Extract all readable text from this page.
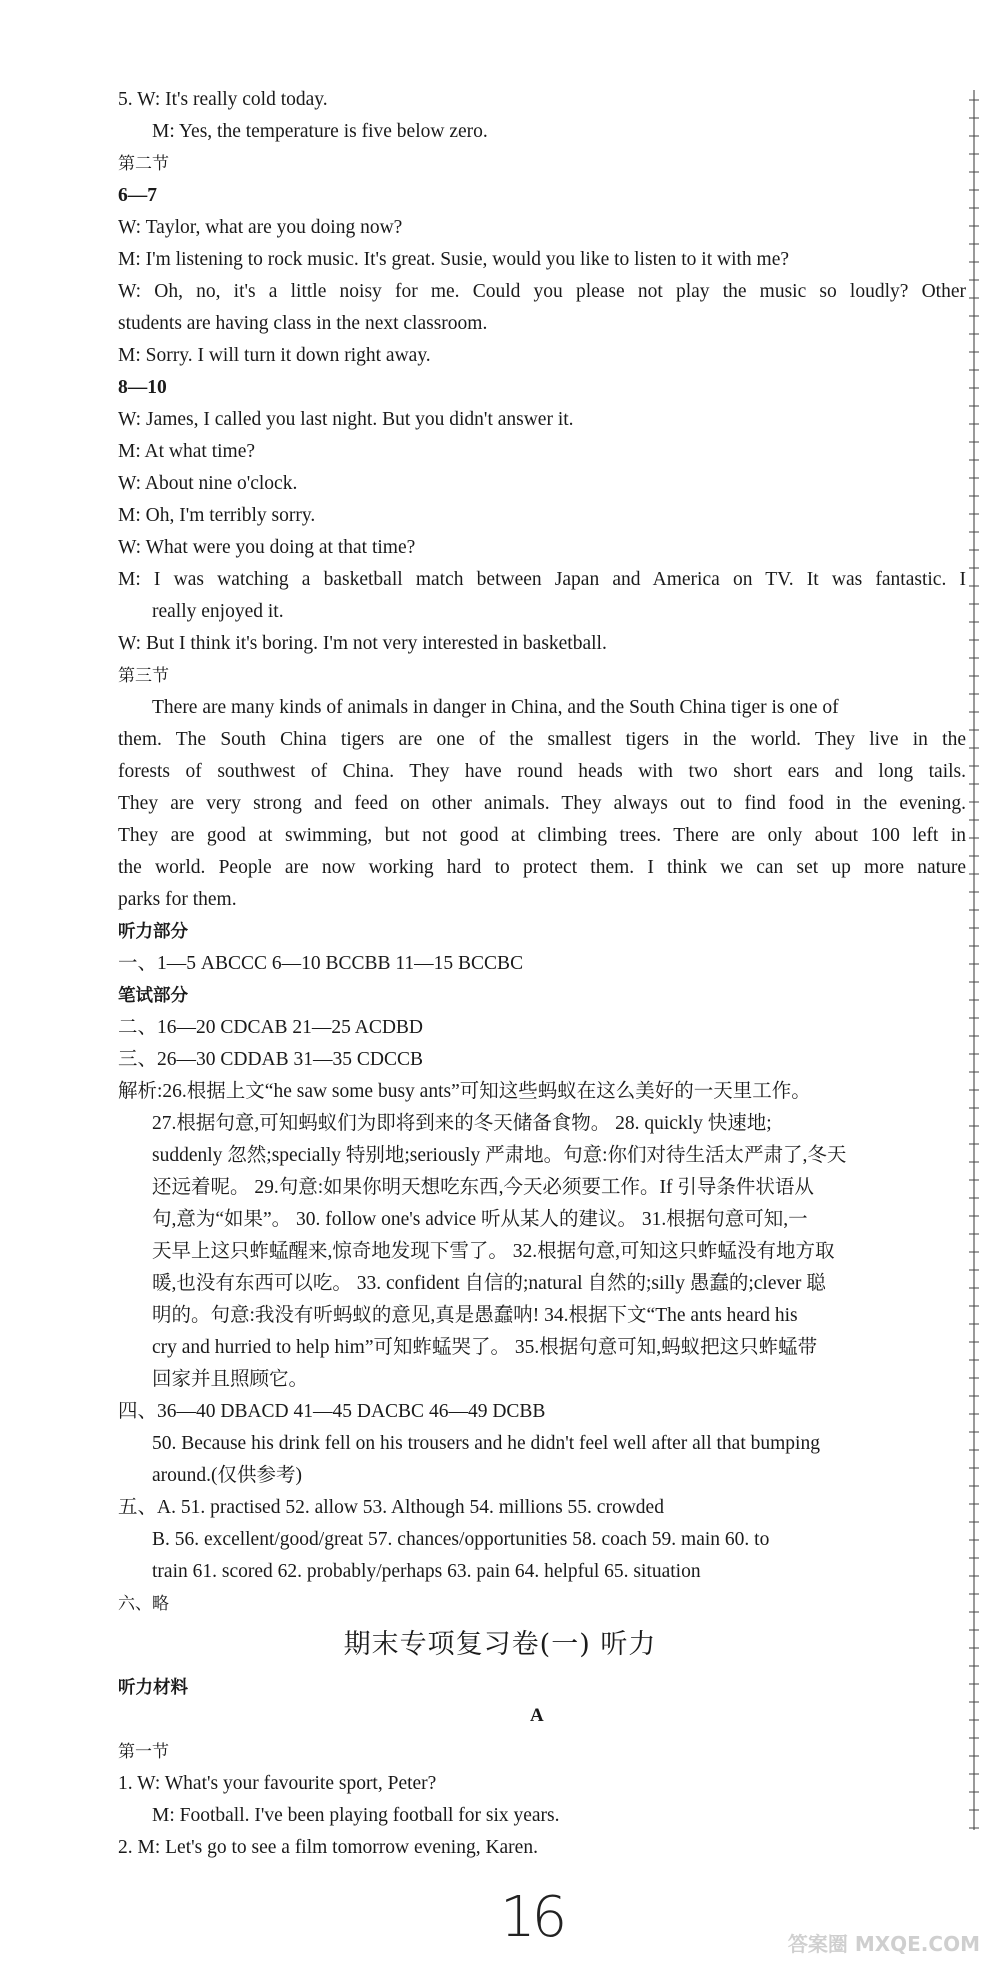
5. W: It's really cold today.
M: Yes, the temperature is five below zero.
第二节
6—7
W: Taylor, what are you doing now?
M: I'm listening to rock music. It's great. Susie, would you like to listen to it with me?
W: Oh, no, it's a little noisy for me. Could you please not play the music so loudly? Other
students are having class in the next classroom.
M: Sorry. I will turn it down right away.
8—10
W: James, I called you last night. But you didn't answer it.
M: At what time?
W: About nine o'clock.
M: Oh, I'm terribly sorry.
W: What were you doing at that time?
M: I was watching a basketball match between Japan and America on TV. It was fantastic. I
really enjoyed it.
W: But I think it's boring. I'm not very interested in basketball.
第三节
There are many kinds of animals in danger in China, and the South China tiger is one of
them. The South China tigers are one of the smallest tigers in the world. They live in the
forests of southwest of China. They have round heads with two short ears and long tails.
They are very strong and feed on other animals. They always out to find food in the evening.
They are good at swimming, but not good at climbing trees. There are only about 100 left in
the world. People are now working hard to protect them. I think we can set up more nature
parks for them.
听力部分
一、1—5 ABCCC 6—10 BCCBB 11—15 BCCBC
笔试部分
二、16—20 CDCAB 21—25 ACDBD
三、26—30 CDDAB 31—35 CDCCB
解析:26.根据上文“he saw some busy ants”可知这些蚂蚁在这么美好的一天里工作。
27.根据句意,可知蚂蚁们为即将到来的冬天储备食物。 28. quickly 快速地;
suddenly 忽然;specially 特别地;seriously 严肃地。句意:你们对待生活太严肃了,冬天
还远着呢。 29.句意:如果你明天想吃东西,今天必须要工作。If 引导条件状语从
句,意为“如果”。 30. follow one's advice 听从某人的建议。 31.根据句意可知,一
天早上这只蚱蜢醒来,惊奇地发现下雪了。 32.根据句意,可知这只蚱蜢没有地方取
暖,也没有东西可以吃。 33. confident 自信的;natural 自然的;silly 愚蠢的;clever 聪
明的。句意:我没有听蚂蚁的意见,真是愚蠢呐! 34.根据下文“The ants heard his
cry and hurried to help him”可知蚱蜢哭了。 35.根据句意可知,蚂蚁把这只蚱蜢带
回家并且照顾它。
四、36—40 DBACD 41—45 DACBC 46—49 DCBB
50. Because his drink fell on his trousers and he didn't feel well after all that bumping
around.(仅供参考)
五、A. 51. practised 52. allow 53. Although 54. millions 55. crowded
B. 56. excellent/good/great 57. chances/opportunities 58. coach 59. main 60. to
train 61. scored 62. probably/perhaps 63. pain 64. helpful 65. situation
六、略
听力材料
第一节
1. W: What's your favourite sport, Peter?
M: Football. I've been playing football for six years.
2. M: Let's go to see a film tomorrow evening, Karen.
期末专项复习卷(一) 听力
A
16	答案圈 MXQE.COM
